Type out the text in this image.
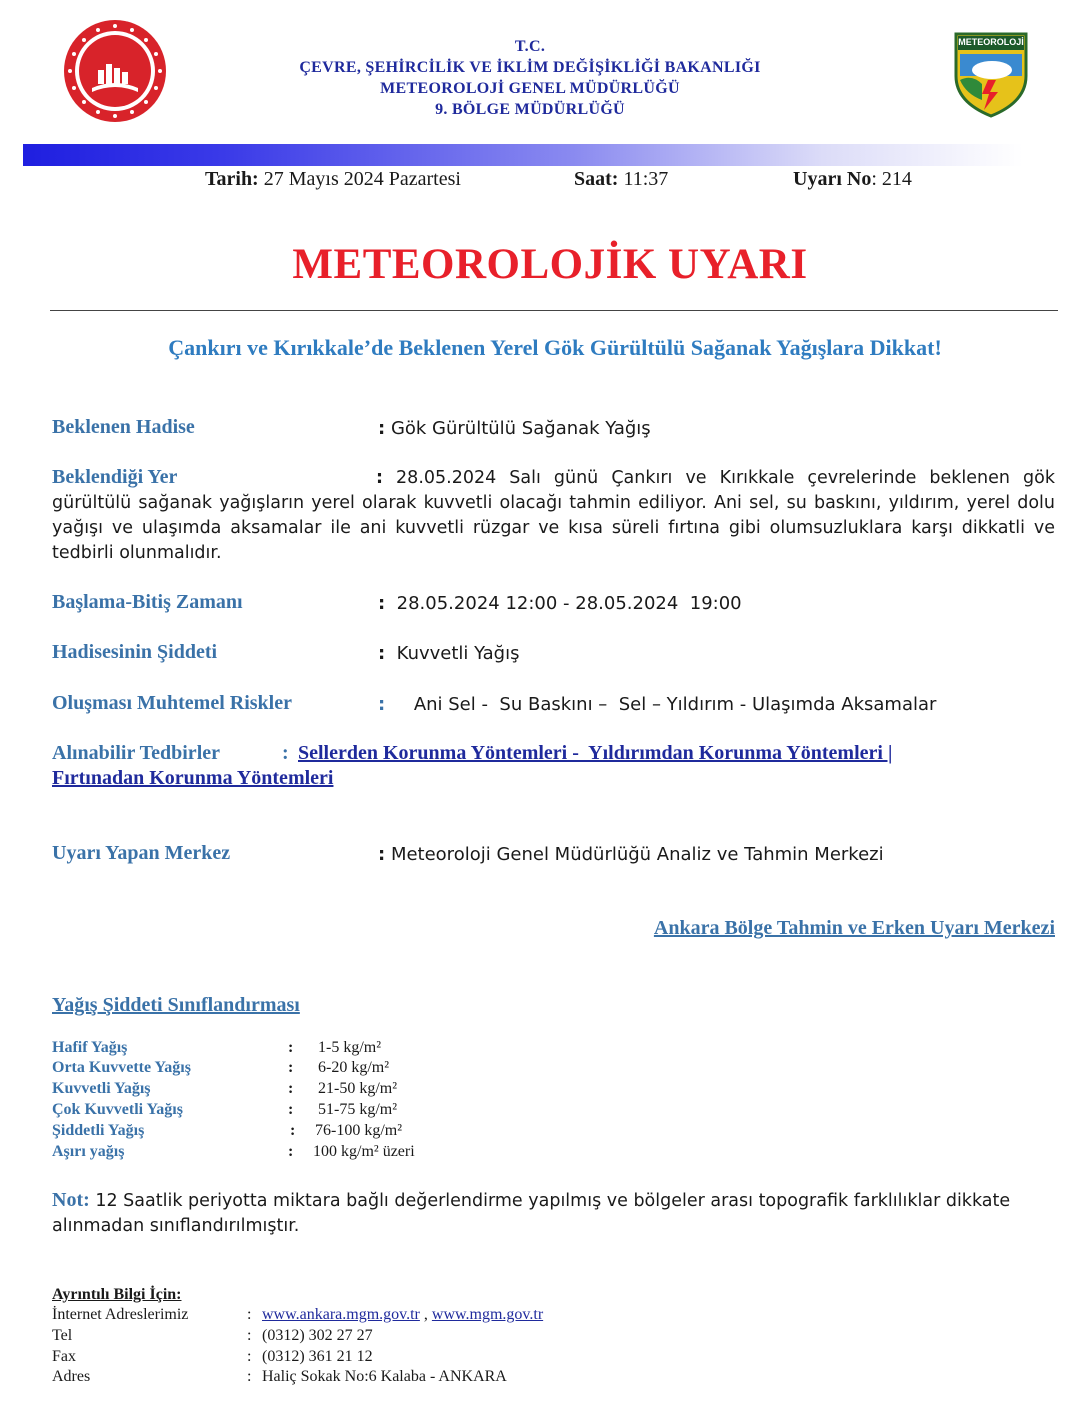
T.C.
ÇEVRE, ŞEHİRCİLİK VE İKLİM DEĞİŞİKLİĞİ BAKANLIĞI
METEOROLOJİ GENEL MÜDÜRLÜĞÜ
9. BÖLGE MÜDÜRLÜĞÜ
METEOROLOJİ
Tarih: 27 Mayıs 2024 Pazartesi	Saat: 11:37	Uyarı No: 214
METEOROLOJİK UYARI
Çankırı ve Kırıkkale’de Beklenen Yerel Gök Gürültülü Sağanak Yağışlara Dikkat!
Beklenen Hadise	: Gök Gürültülü Sağanak Yağış
Beklendiği Yer	: 28.05.2024 Salı günü Çankırı ve Kırıkkale çevrelerinde beklenen gök gürültülü sağanak yağışların yerel olarak kuvvetli olacağı tahmin ediliyor. Ani sel, su baskını, yıldırım, yerel dolu yağışı ve ulaşımda aksamalar ile ani kuvvetli rüzgar ve kısa süreli fırtına gibi olumsuzluklara karşı dikkatli ve tedbirli olunmalıdır.
Başlama-Bitiş Zamanı	: 28.05.2024 12:00 - 28.05.2024  19:00
Hadisesinin Şiddeti	: Kuvvetli Yağış
Oluşması Muhtemel Riskler	: Ani Sel -  Su Baskını –  Sel – Yıldırım - Ulaşımda Aksamalar
Alınabilir Tedbirler	: Sellerden Korunma Yöntemleri -  Yıldırımdan Korunma Yöntemleri |
Fırtınadan Korunma Yöntemleri
Uyarı Yapan Merkez	: Meteoroloji Genel Müdürlüğü Analiz ve Tahmin Merkezi
Ankara Bölge Tahmin ve Erken Uyarı Merkezi
Yağış Şiddeti Sınıflandırması
Hafif Yağış	: 1-5 kg/m²
Orta Kuvvette Yağış	: 6-20 kg/m²
Kuvvetli Yağış	: 21-50 kg/m²
Çok Kuvvetli Yağış	: 51-75 kg/m²
Şiddetli Yağış	: 76-100 kg/m²
Aşırı yağış	: 100 kg/m² üzeri
Not: 12 Saatlik periyotta miktara bağlı değerlendirme yapılmış ve bölgeler arası topografik farklılıklar dikkate alınmadan sınıflandırılmıştır.
Ayrıntılı Bilgi İçin:
İnternet Adreslerimiz	: www.ankara.mgm.gov.tr , www.mgm.gov.tr
Tel	: (0312) 302 27 27
Fax	: (0312) 361 21 12
Adres	: Haliç Sokak No:6 Kalaba - ANKARA
